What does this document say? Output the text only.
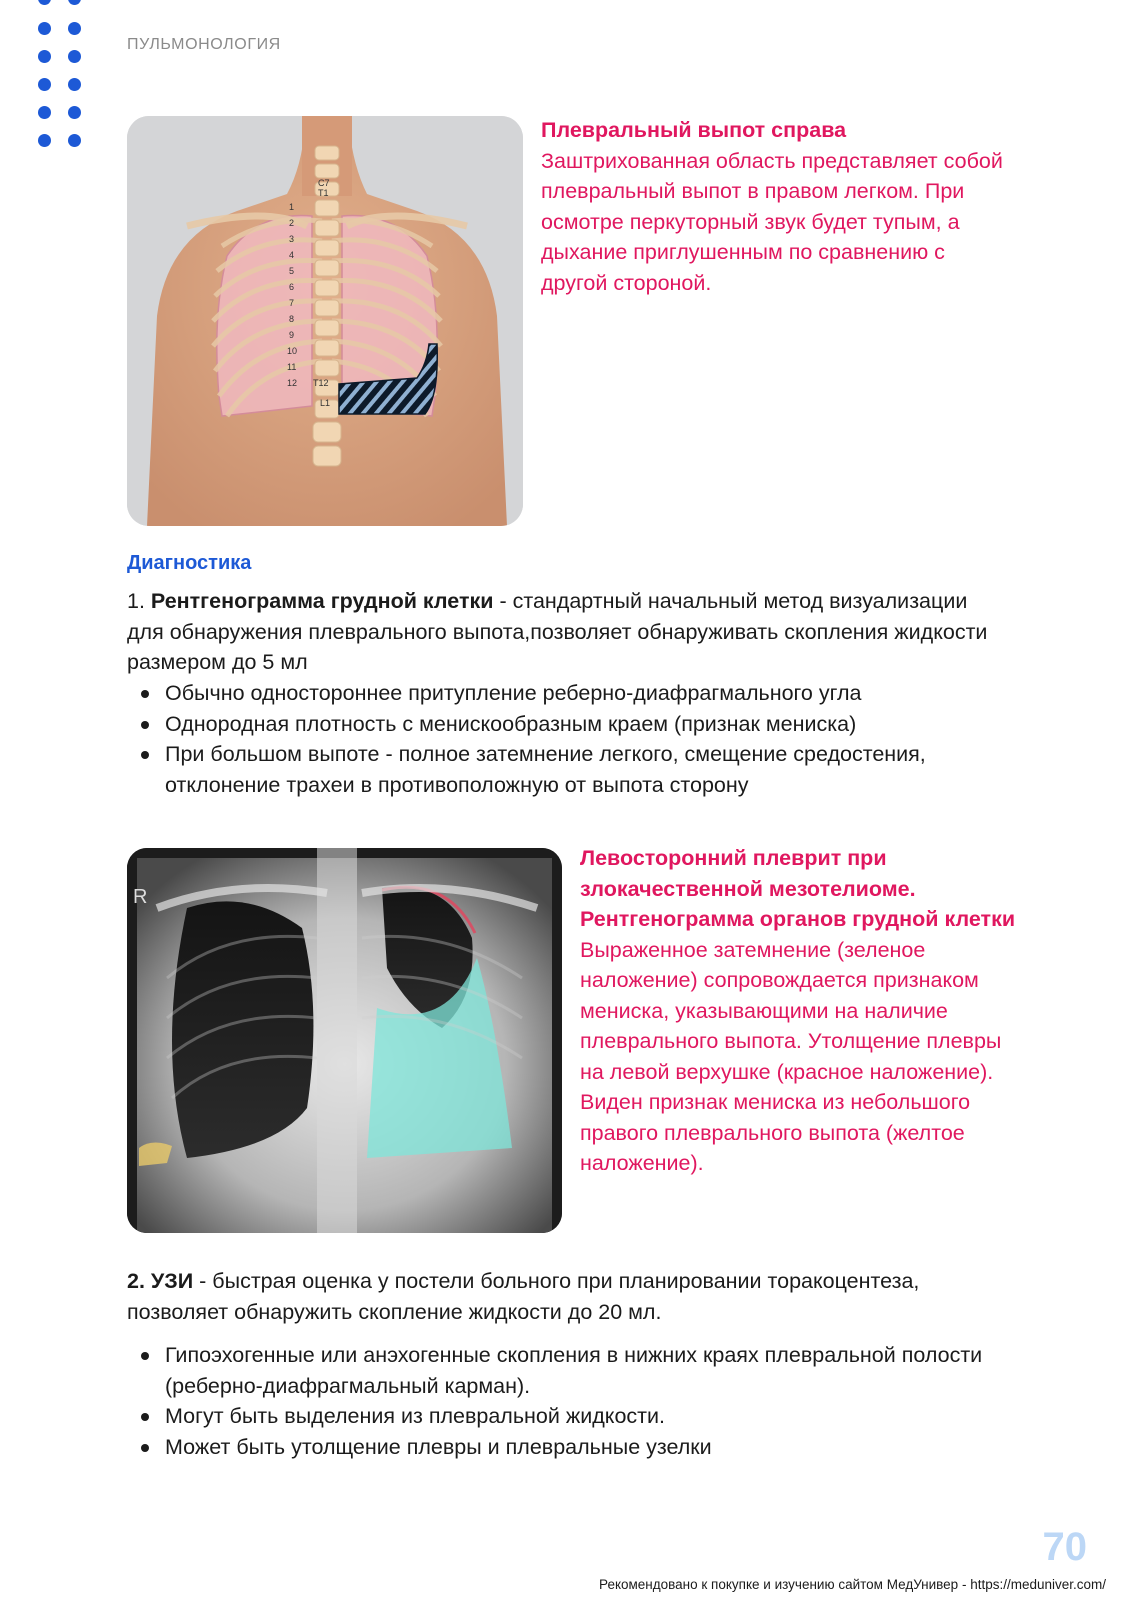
ПУЛЬМОНОЛОГИЯ
C7
T1
T12
L1
1
2
3
4
5
6
7
8
9
10
11
12
Плевральный выпот справа
Заштрихованная область представляет собой плевральный выпот в правом легком. При осмотре перкуторный звук будет тупым, а дыхание приглушенным по сравнению с другой стороной.
Диагностика
1. Рентгенограмма грудной клетки - стандартный начальный метод визуализации для обнаружения плеврального выпота,позволяет обнаруживать скопления жидкости размером до 5 мл
Обычно одностороннее притупление реберно-диафрагмального угла
Однородная плотность с менискообразным краем (признак мениска)
При большом выпоте - полное затемнение легкого, смещение средостения, отклонение трахеи в противоположную от выпота сторону
R
Левосторонний плеврит при злокачественной мезотелиоме. Рентгенограмма органов грудной клетки
Выраженное затемнение (зеленое наложение) сопровождается признаком мениска, указывающими на наличие плеврального выпота. Утолщение плевры на левой верхушке (красное наложение). Виден признак мениска из небольшого правого плеврального выпота (желтое наложение).
2. УЗИ - быстрая оценка у постели больного при планировании торакоцентеза, позволяет обнаружить скопление жидкости до 20 мл.
Гипоэхогенные или анэхогенные скопления в нижних краях плевральной полости (реберно-диафрагмальный карман).
Могут быть выделения из плевральной жидкости.
Может быть утолщение плевры и плевральные узелки
70
Рекомендовано к покупке и изучению сайтом МедУнивер - https://meduniver.com/
